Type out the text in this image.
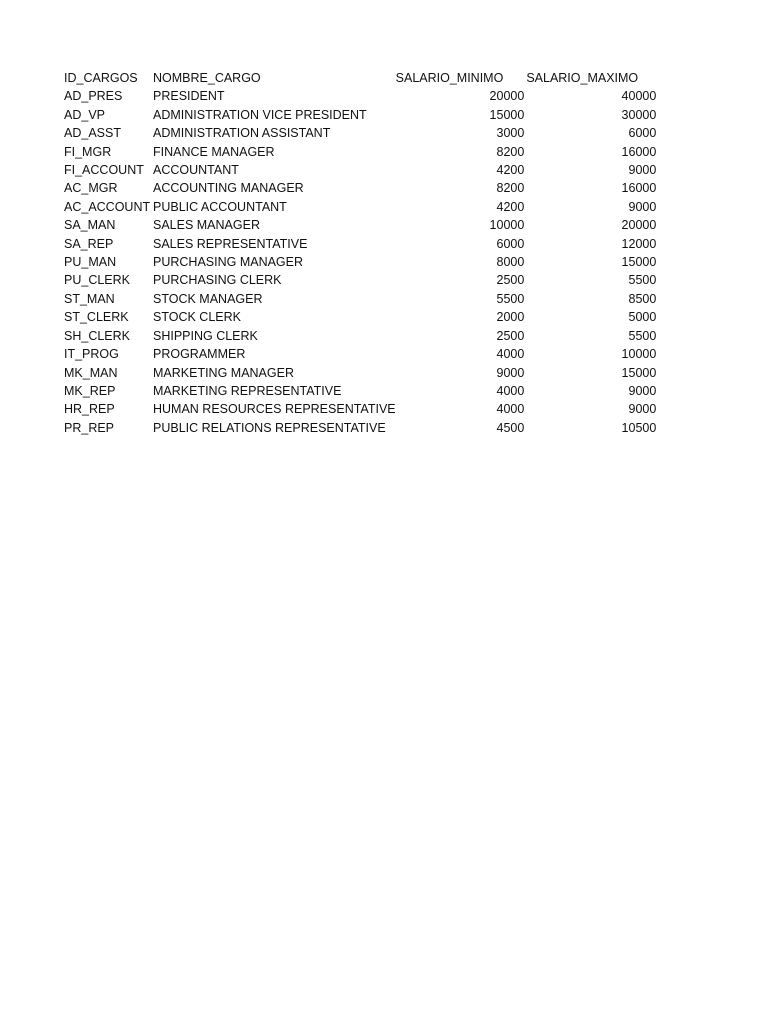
ID_CARGOS	NOMBRE_CARGO	SALARIO_MINIMO	SALARIO_MAXIMO
AD_PRES	PRESIDENT	20000	40000
AD_VP	ADMINISTRATION VICE PRESIDENT	15000	30000
AD_ASST	ADMINISTRATION ASSISTANT	3000	6000
FI_MGR	FINANCE MANAGER	8200	16000
FI_ACCOUNT	ACCOUNTANT	4200	9000
AC_MGR	ACCOUNTING MANAGER	8200	16000
AC_ACCOUNT	PUBLIC ACCOUNTANT	4200	9000
SA_MAN	SALES MANAGER	10000	20000
SA_REP	SALES REPRESENTATIVE	6000	12000
PU_MAN	PURCHASING MANAGER	8000	15000
PU_CLERK	PURCHASING CLERK	2500	5500
ST_MAN	STOCK MANAGER	5500	8500
ST_CLERK	STOCK CLERK	2000	5000
SH_CLERK	SHIPPING CLERK	2500	5500
IT_PROG	PROGRAMMER	4000	10000
MK_MAN	MARKETING MANAGER	9000	15000
MK_REP	MARKETING REPRESENTATIVE	4000	9000
HR_REP	HUMAN RESOURCES REPRESENTATIVE	4000	9000
PR_REP	PUBLIC RELATIONS REPRESENTATIVE	4500	10500
